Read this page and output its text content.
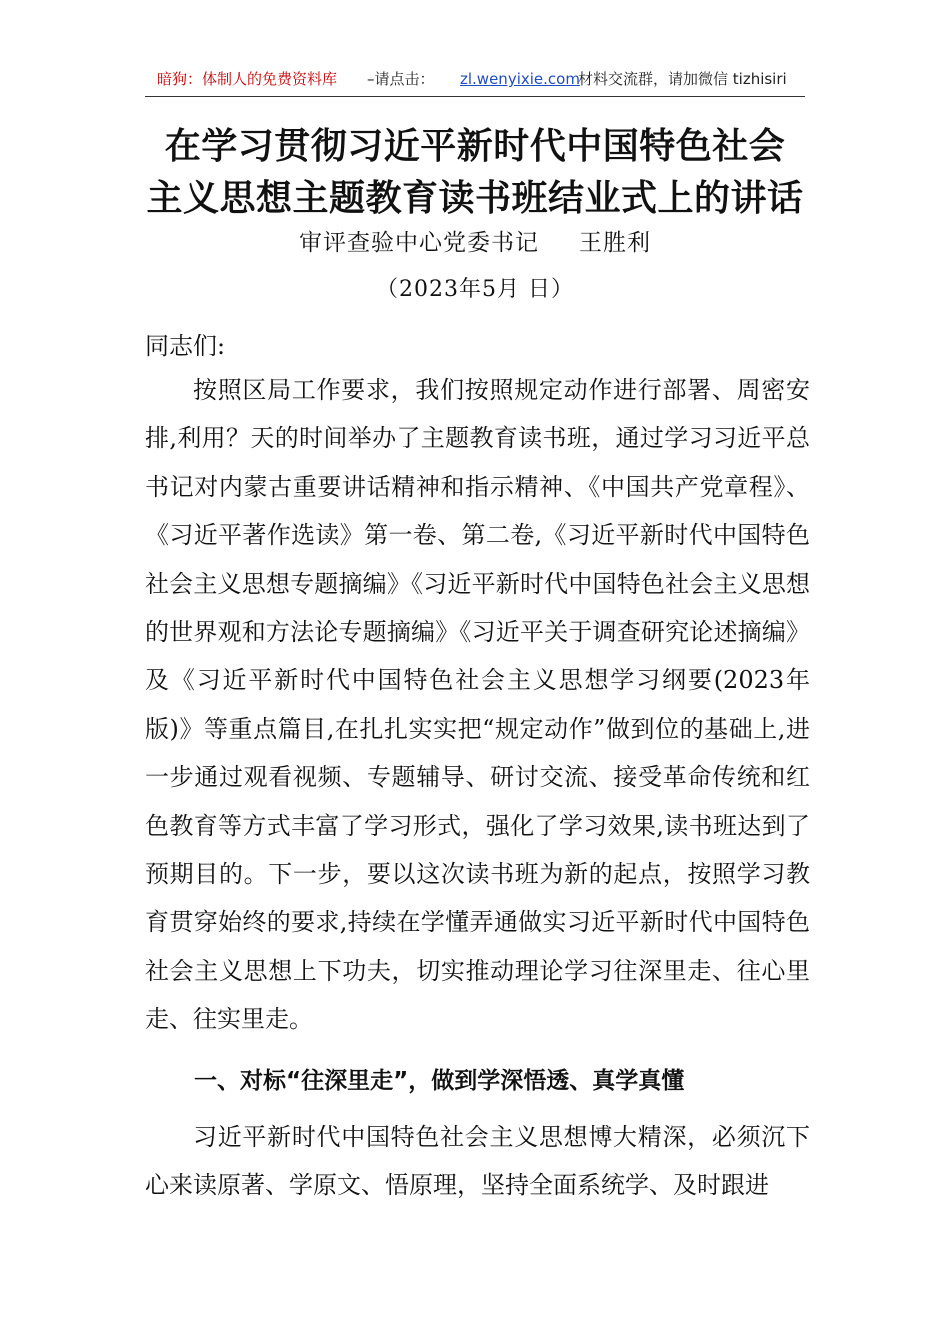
暗狗：体制人的免费资料库 –请点击： zl.wenyixie.com
材料交流群，请加微信 tizhisiri
在学习贯彻习近平新时代中国特色社会
主义思想主题教育读书班结业式上的讲话
审评查验中心党委书记 王胜利
（2023年5月 日）
同志们:

按照区局工作要求，我们按照规定动作进行部署、周密安排,利用？天的时间举办了主题教育读书班，通过学习习近平总书记对内蒙古重要讲话精神和指示精神、《中国共产党章程》、《习近平著作选读》第一卷、第二卷,《习近平新时代中国特色社会主义思想专题摘编》《习近平新时代中国特色社会主义思想的世界观和方法论专题摘编》《习近平关于调查研究论述摘编》及《习近平新时代中国特色社会主义思想学习纲要(2023年版)》等重点篇目,在扎扎实实把“规定动作”做到位的基础上,进一步通过观看视频、专题辅导、研讨交流、接受革命传统和红色教育等方式丰富了学习形式，强化了学习效果,读书班达到了预期目的。下一步，要以这次读书班为新的起点，按照学习教育贯穿始终的要求,持续在学懂弄通做实习近平新时代中国特色社会主义思想上下功夫，切实推动理论学习往深里走、往心里走、往实里走。

一、对标“往深里走”，做到学深悟透、真学真懂

习近平新时代中国特色社会主义思想博大精深，必须沉下心来读原著、学原文、悟原理，坚持全面系统学、及时跟进
